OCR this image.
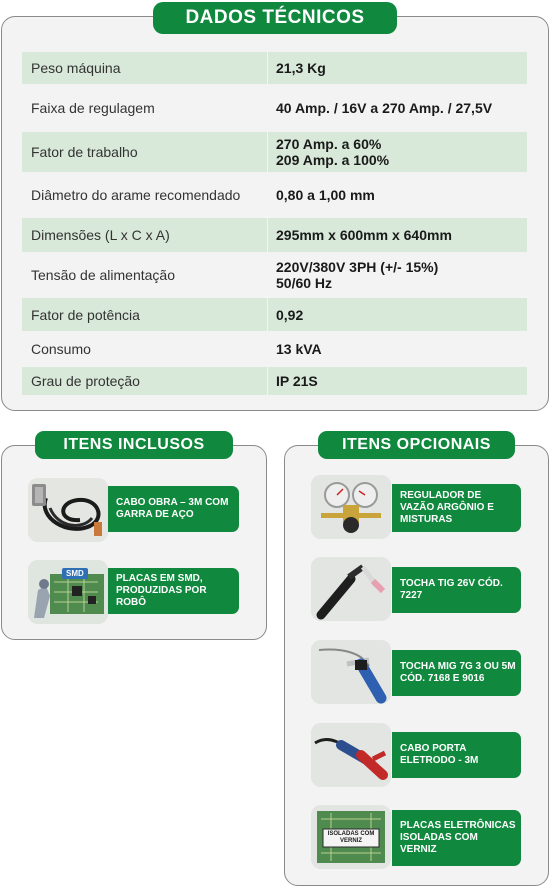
DADOS TÉCNICOS
Peso máquina	21,3 Kg
Faixa de regulagem	40 Amp. / 16V a 270 Amp. / 27,5V
Fator de trabalho	270 Amp. a 60%
209 Amp. a 100%
Diâmetro do arame recomendado	0,80 a 1,00 mm
Dimensões (L x C x A)	295mm x 600mm x 640mm
Tensão de alimentação	220V/380V 3PH (+/- 15%)
50/60 Hz
Fator de potência	0,92
Consumo	13 kVA
Grau de proteção	IP 21S
ITENS INCLUSOS
CABO OBRA – 3M COM GARRA DE AÇO
SMD	PLACAS EM SMD, PRODUZIDAS POR ROBÔ
ITENS OPCIONAIS
REGULADOR DE VAZÃO ARGÔNIO E MISTURAS
TOCHA TIG 26V CÓD. 7227
TOCHA MIG 7G 3 OU 5M CÓD. 7168 E 9016
CABO PORTA ELETRODO - 3M
ISOLADAS COM VERNIZ
PLACAS ELETRÔNICAS ISOLADAS COM VERNIZ
